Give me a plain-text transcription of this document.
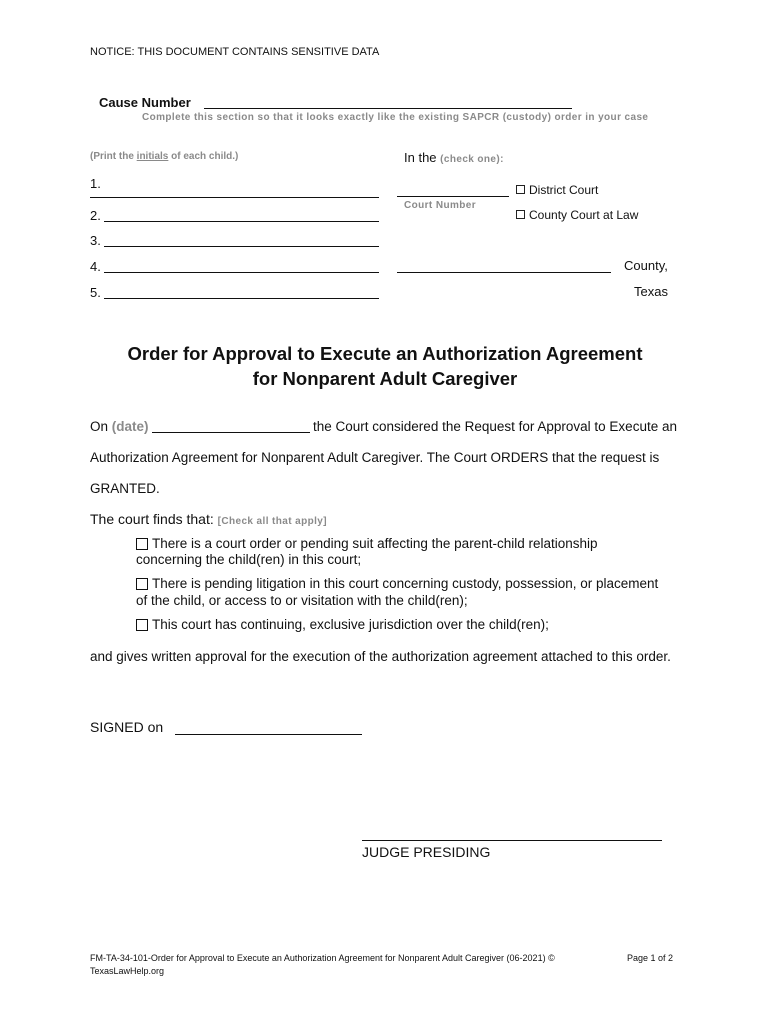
NOTICE: THIS DOCUMENT CONTAINS SENSITIVE DATA
Cause Number
Complete this section so that it looks exactly like the existing SAPCR (custody) order in your case
(Print the initials of each child.)
1.
2.
3.
4.
5.
In the (check one):
Court Number
District Court
County Court at Law
County,
Texas
Order for Approval to Execute an Authorization Agreement
for Nonparent Adult Caregiver
On (date)	the Court considered the Request for Approval to Execute an
Authorization Agreement for Nonparent Adult Caregiver. The Court ORDERS that the request is
GRANTED.
The court finds that: [Check all that apply]
There is a court order or pending suit affecting the parent-child relationship
concerning the child(ren) in this court;
There is pending litigation in this court concerning custody, possession, or placement
of the child, or access to or visitation with the child(ren);
This court has continuing, exclusive jurisdiction over the child(ren);
and gives written approval for the execution of the authorization agreement attached to this order.
SIGNED on
JUDGE PRESIDING
FM-TA-34-101-Order for Approval to Execute an Authorization Agreement for Nonparent Adult Caregiver (06-2021) ©
TexasLawHelp.org
Page 1 of 2
